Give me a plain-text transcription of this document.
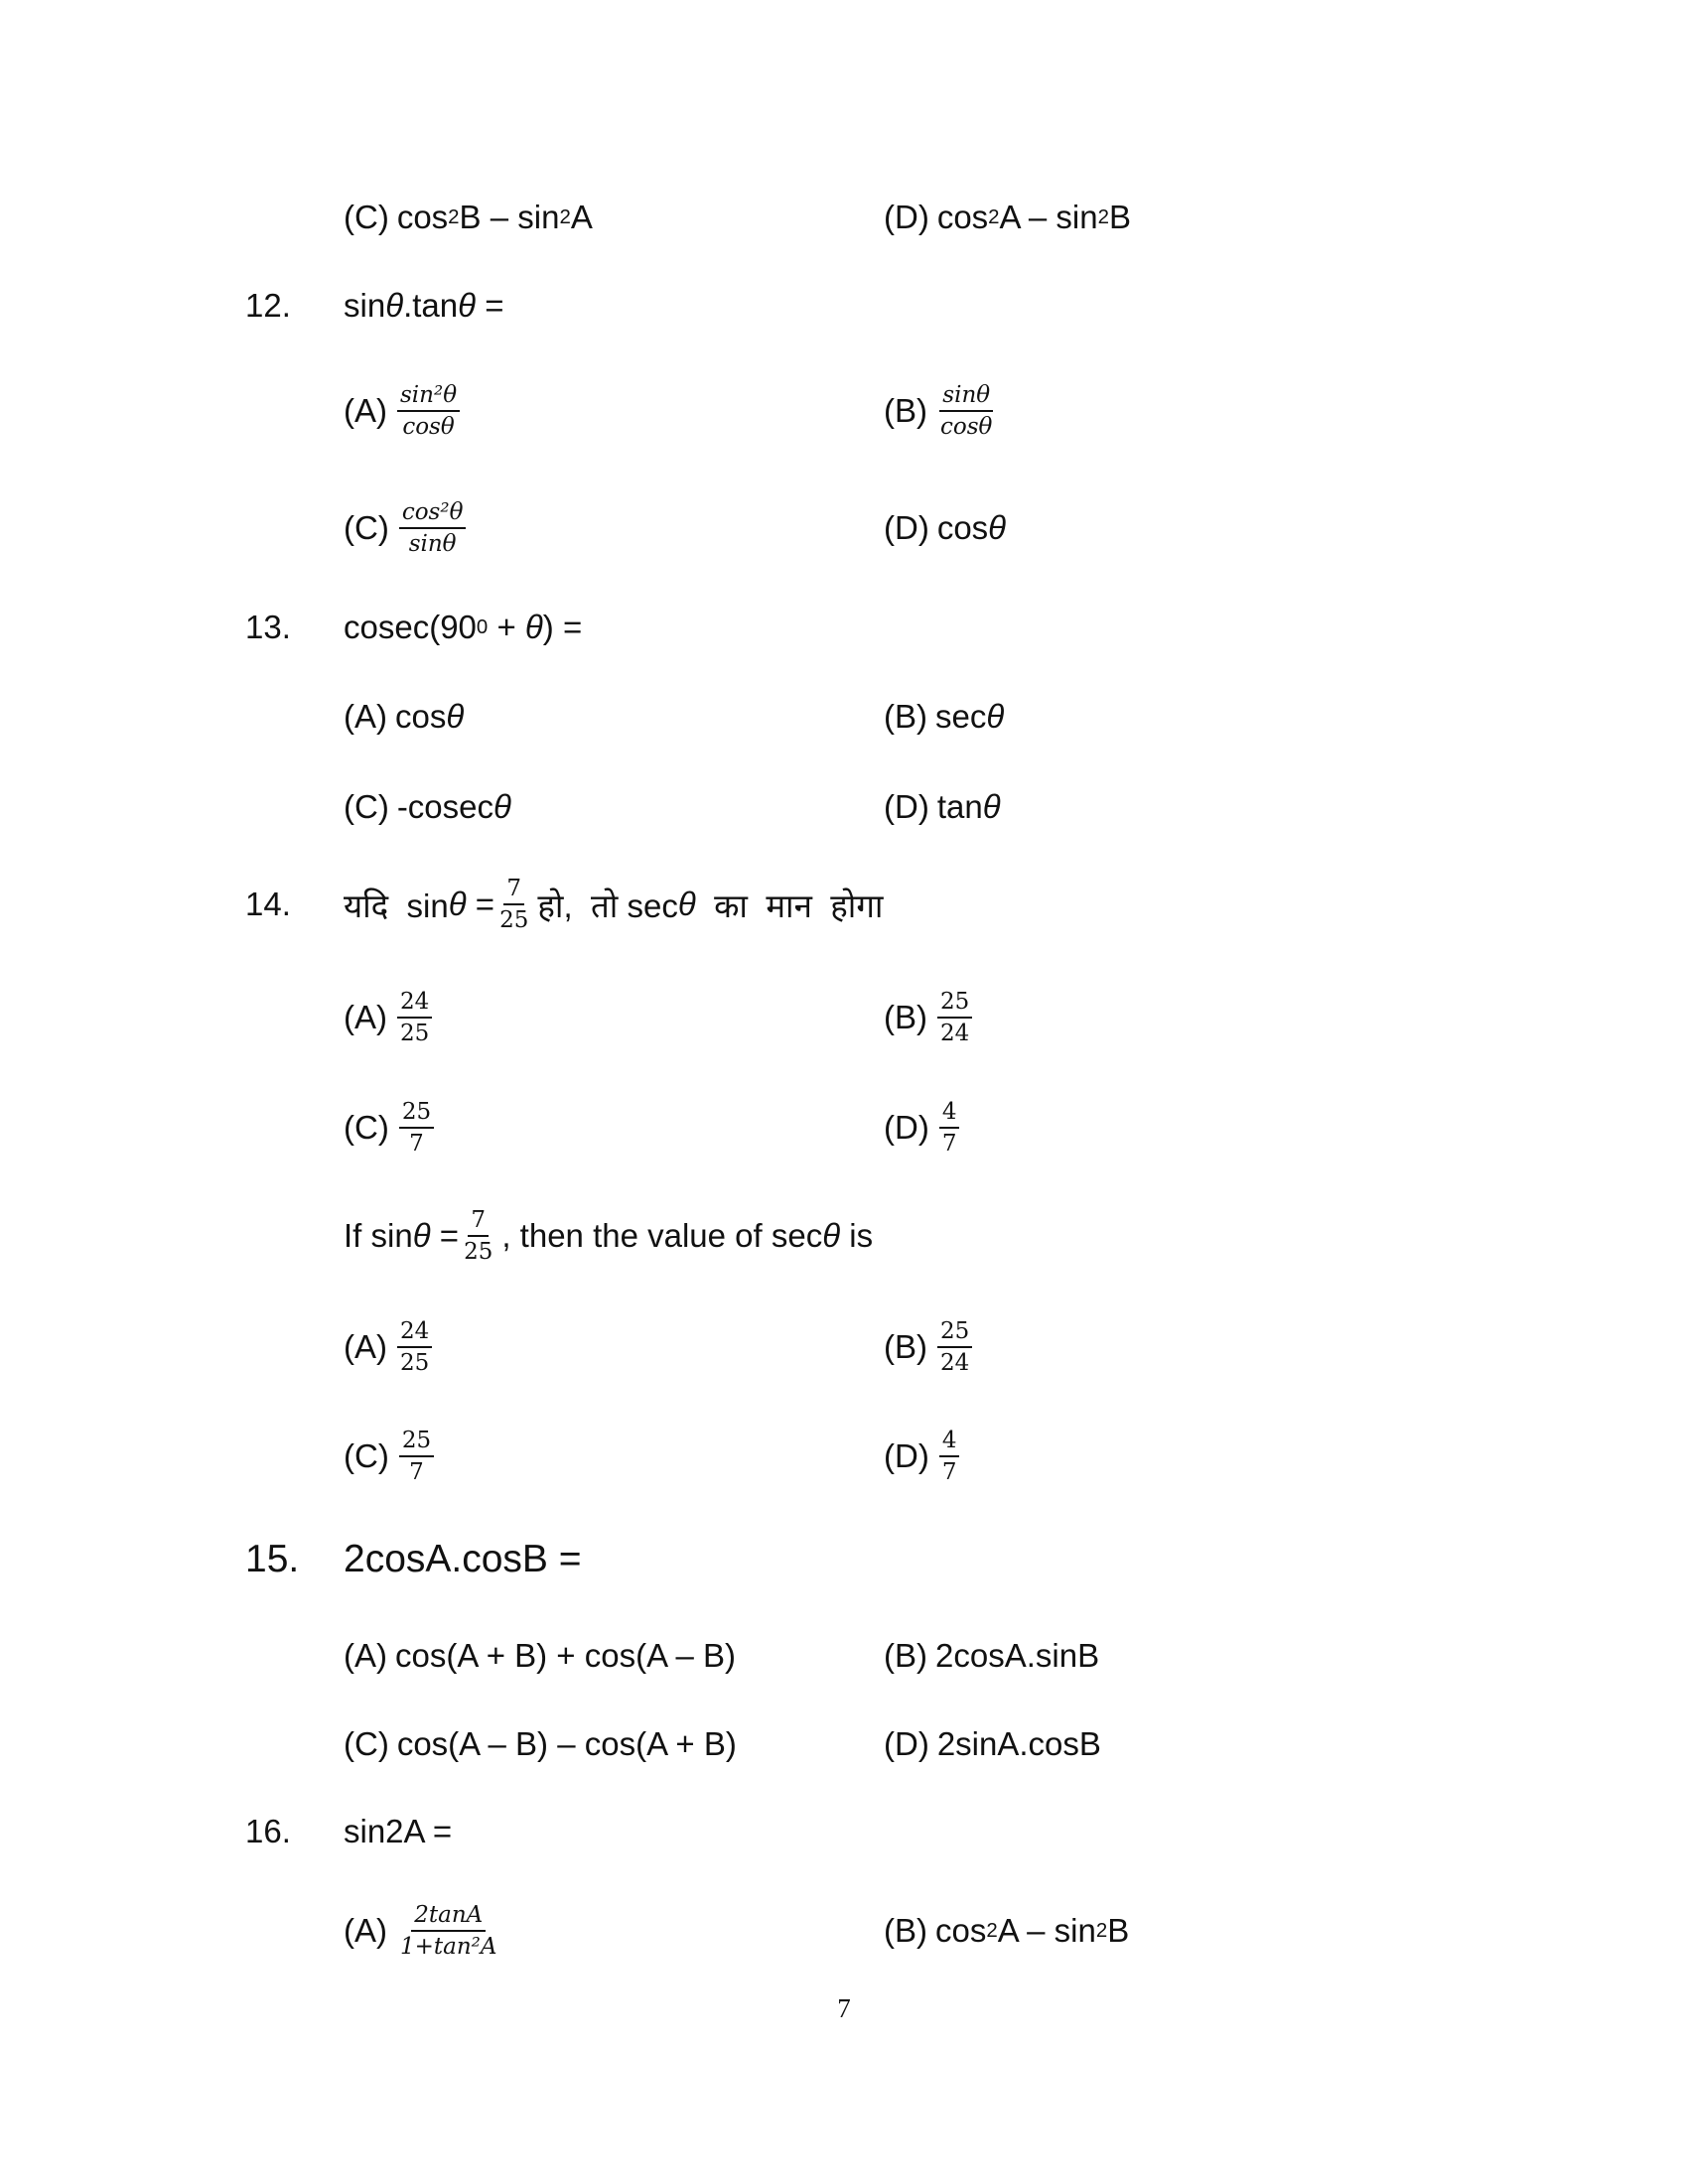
(C) cos 2 B – sin 2 A	(D) cos 2 A – sin 2 B
12. sin θ .tan θ =
$(A) \frac{\text{sin²θ}}{\cos\theta}$	$(B) \frac{\sin\theta}{\cos\theta}$
$(C) \frac{\text{cos²θ}}{\sin\theta}$	(D) cos θ
13. cosec(90 0 + θ ) =
(A) cos θ	(B) sec θ
(C) -cosec θ	(D) tan θ
14. यदि  $\sin \theta = \frac{7}{25}$ हो,  तो sec θ का  मान  होगा
$(A) \frac{24}{25}$	$(B) \frac{25}{24}$
$(C) \frac{25}{7}$	$(D) \frac{4}{7}$
If $\sin \theta = \frac{7}{25}$ , then the value of sec θ is
$(A) \frac{24}{25}$	$(B) \frac{25}{24}$
$(C) \frac{25}{7}$	$(D) \frac{4}{7}$
15. 2cosA.cosB =
(A) cos(A + B) + cos(A – B)	(B) 2cosA.sinB
(C) cos(A – B) – cos(A + B)	(D) 2sinA.cosB
16. sin2A =
$(A) \frac{2\tan A}{\text{1+tan²A}}$	(B) cos 2 A – sin 2 B
7
